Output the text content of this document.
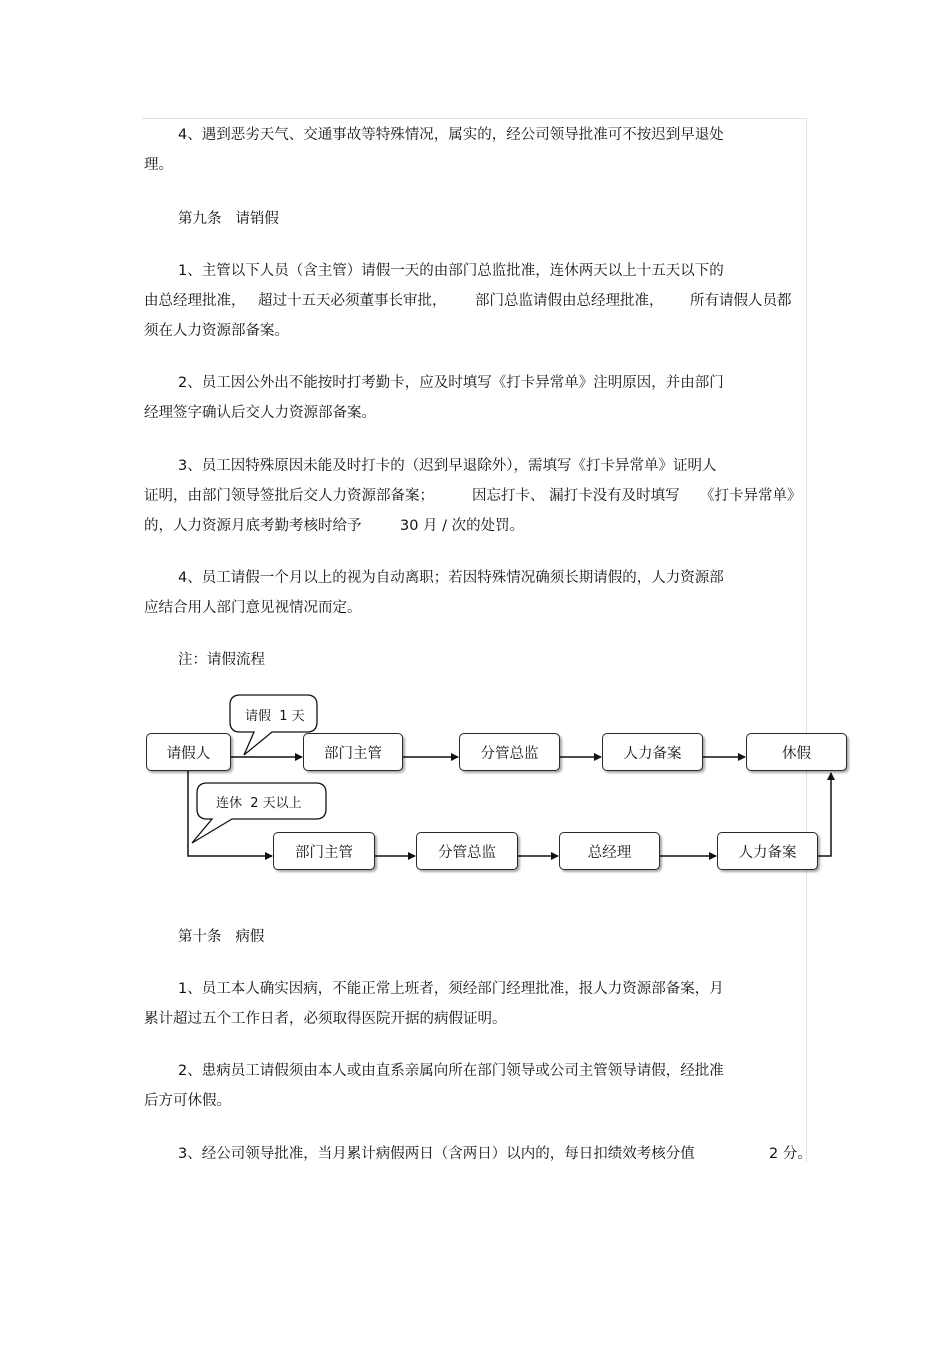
4、遇到恶劣天气、交通事故等特殊情况，属实的，经公司领导批准可不按迟到早退处
理。
第九条   请销假
1、主管以下人员（含主管）请假一天的由部门总监批准，连休两天以上十五天以下的
由总经理批准， 超过十五天必须董事长审批， 部门总监请假由总经理批准， 所有请假人员都
须在人力资源部备案。
2、员工因公外出不能按时打考勤卡，应及时填写《打卡异常单》注明原因，并由部门
经理签字确认后交人力资源部备案。
3、员工因特殊原因未能及时打卡的（迟到早退除外），需填写《打卡异常单》证明人
证明，由部门领导签批后交人力资源部备案；	因忘打卡、 漏打卡没有及时填写 《打卡异常单》
的，人力资源月底考勤考核时给予	30 月 / 次的处罚。
4、员工请假一个月以上的视为自动离职；若因特殊情况确须长期请假的，人力资源部
应结合用人部门意见视情况而定。
注：请假流程
请假  1 天
连休  2 天以上
请假人	部门主管	分管总监	人力备案	休假
部门主管	分管总监	总经理	人力备案
第十条   病假
1、员工本人确实因病，不能正常上班者，须经部门经理批准，报人力资源部备案，月
累计超过五个工作日者，必须取得医院开据的病假证明。
2、患病员工请假须由本人或由直系亲属向所在部门领导或公司主管领导请假，经批准
后方可休假。
3、经公司领导批准，当月累计病假两日（含两日）以内的，每日扣绩效考核分值	2 分。
